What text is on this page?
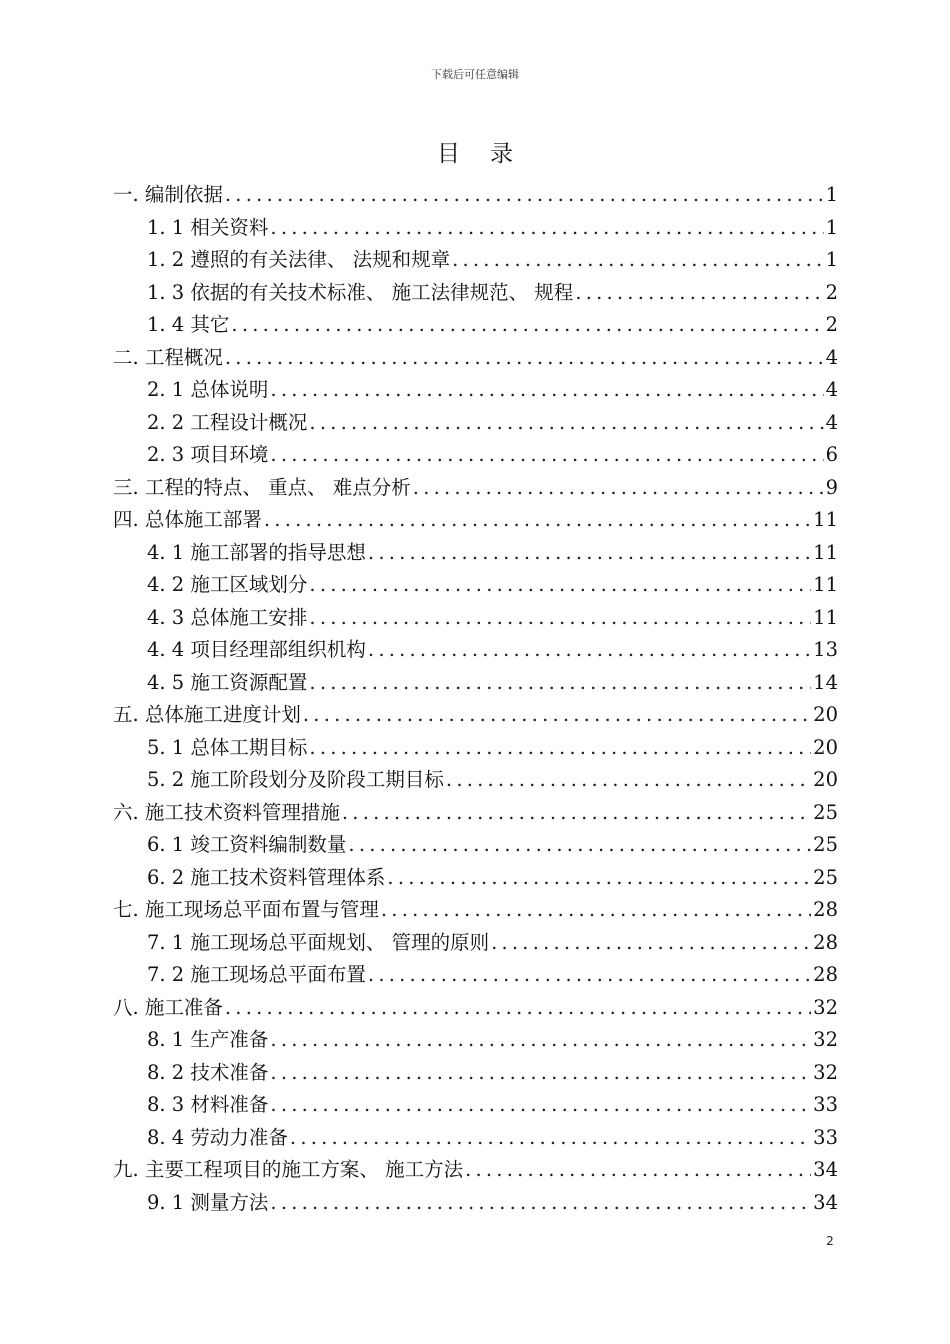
下载后可任意编辑
目录
一. 编制依据 .....	1
1. 1 相关资料 .....	1
1. 2 遵照的有关法律、 法规和规章 .....	1
1. 3 依据的有关技术标准、 施工法律规范、 规程 .....	2
1. 4 其它 .....	2
二. 工程概况 .....	4
2. 1 总体说明 .....	4
2. 2 工程设计概况 .....	4
2. 3 项目环境 .....	6
三. 工程的特点、 重点、 难点分析 .....	9
四. 总体施工部署 .....	11
4. 1 施工部署的指导思想 .....	11
4. 2 施工区域划分 .....	11
4. 3 总体施工安排 .....	11
4. 4 项目经理部组织机构 .....	13
4. 5 施工资源配置 .....	14
五. 总体施工进度计划 .....	20
5. 1 总体工期目标 .....	20
5. 2 施工阶段划分及阶段工期目标 .....	20
六. 施工技术资料管理措施 .....	25
6. 1 竣工资料编制数量 .....	25
6. 2 施工技术资料管理体系 .....	25
七. 施工现场总平面布置与管理 .....	28
7. 1 施工现场总平面规划、 管理的原则 .....	28
7. 2 施工现场总平面布置 .....	28
八. 施工准备 .....	32
8. 1 生产准备 .....	32
8. 2 技术准备 .....	32
8. 3 材料准备 .....	33
8. 4 劳动力准备 .....	33
九. 主要工程项目的施工方案、 施工方法 .....	34
9. 1 测量方法 .....	34
2
